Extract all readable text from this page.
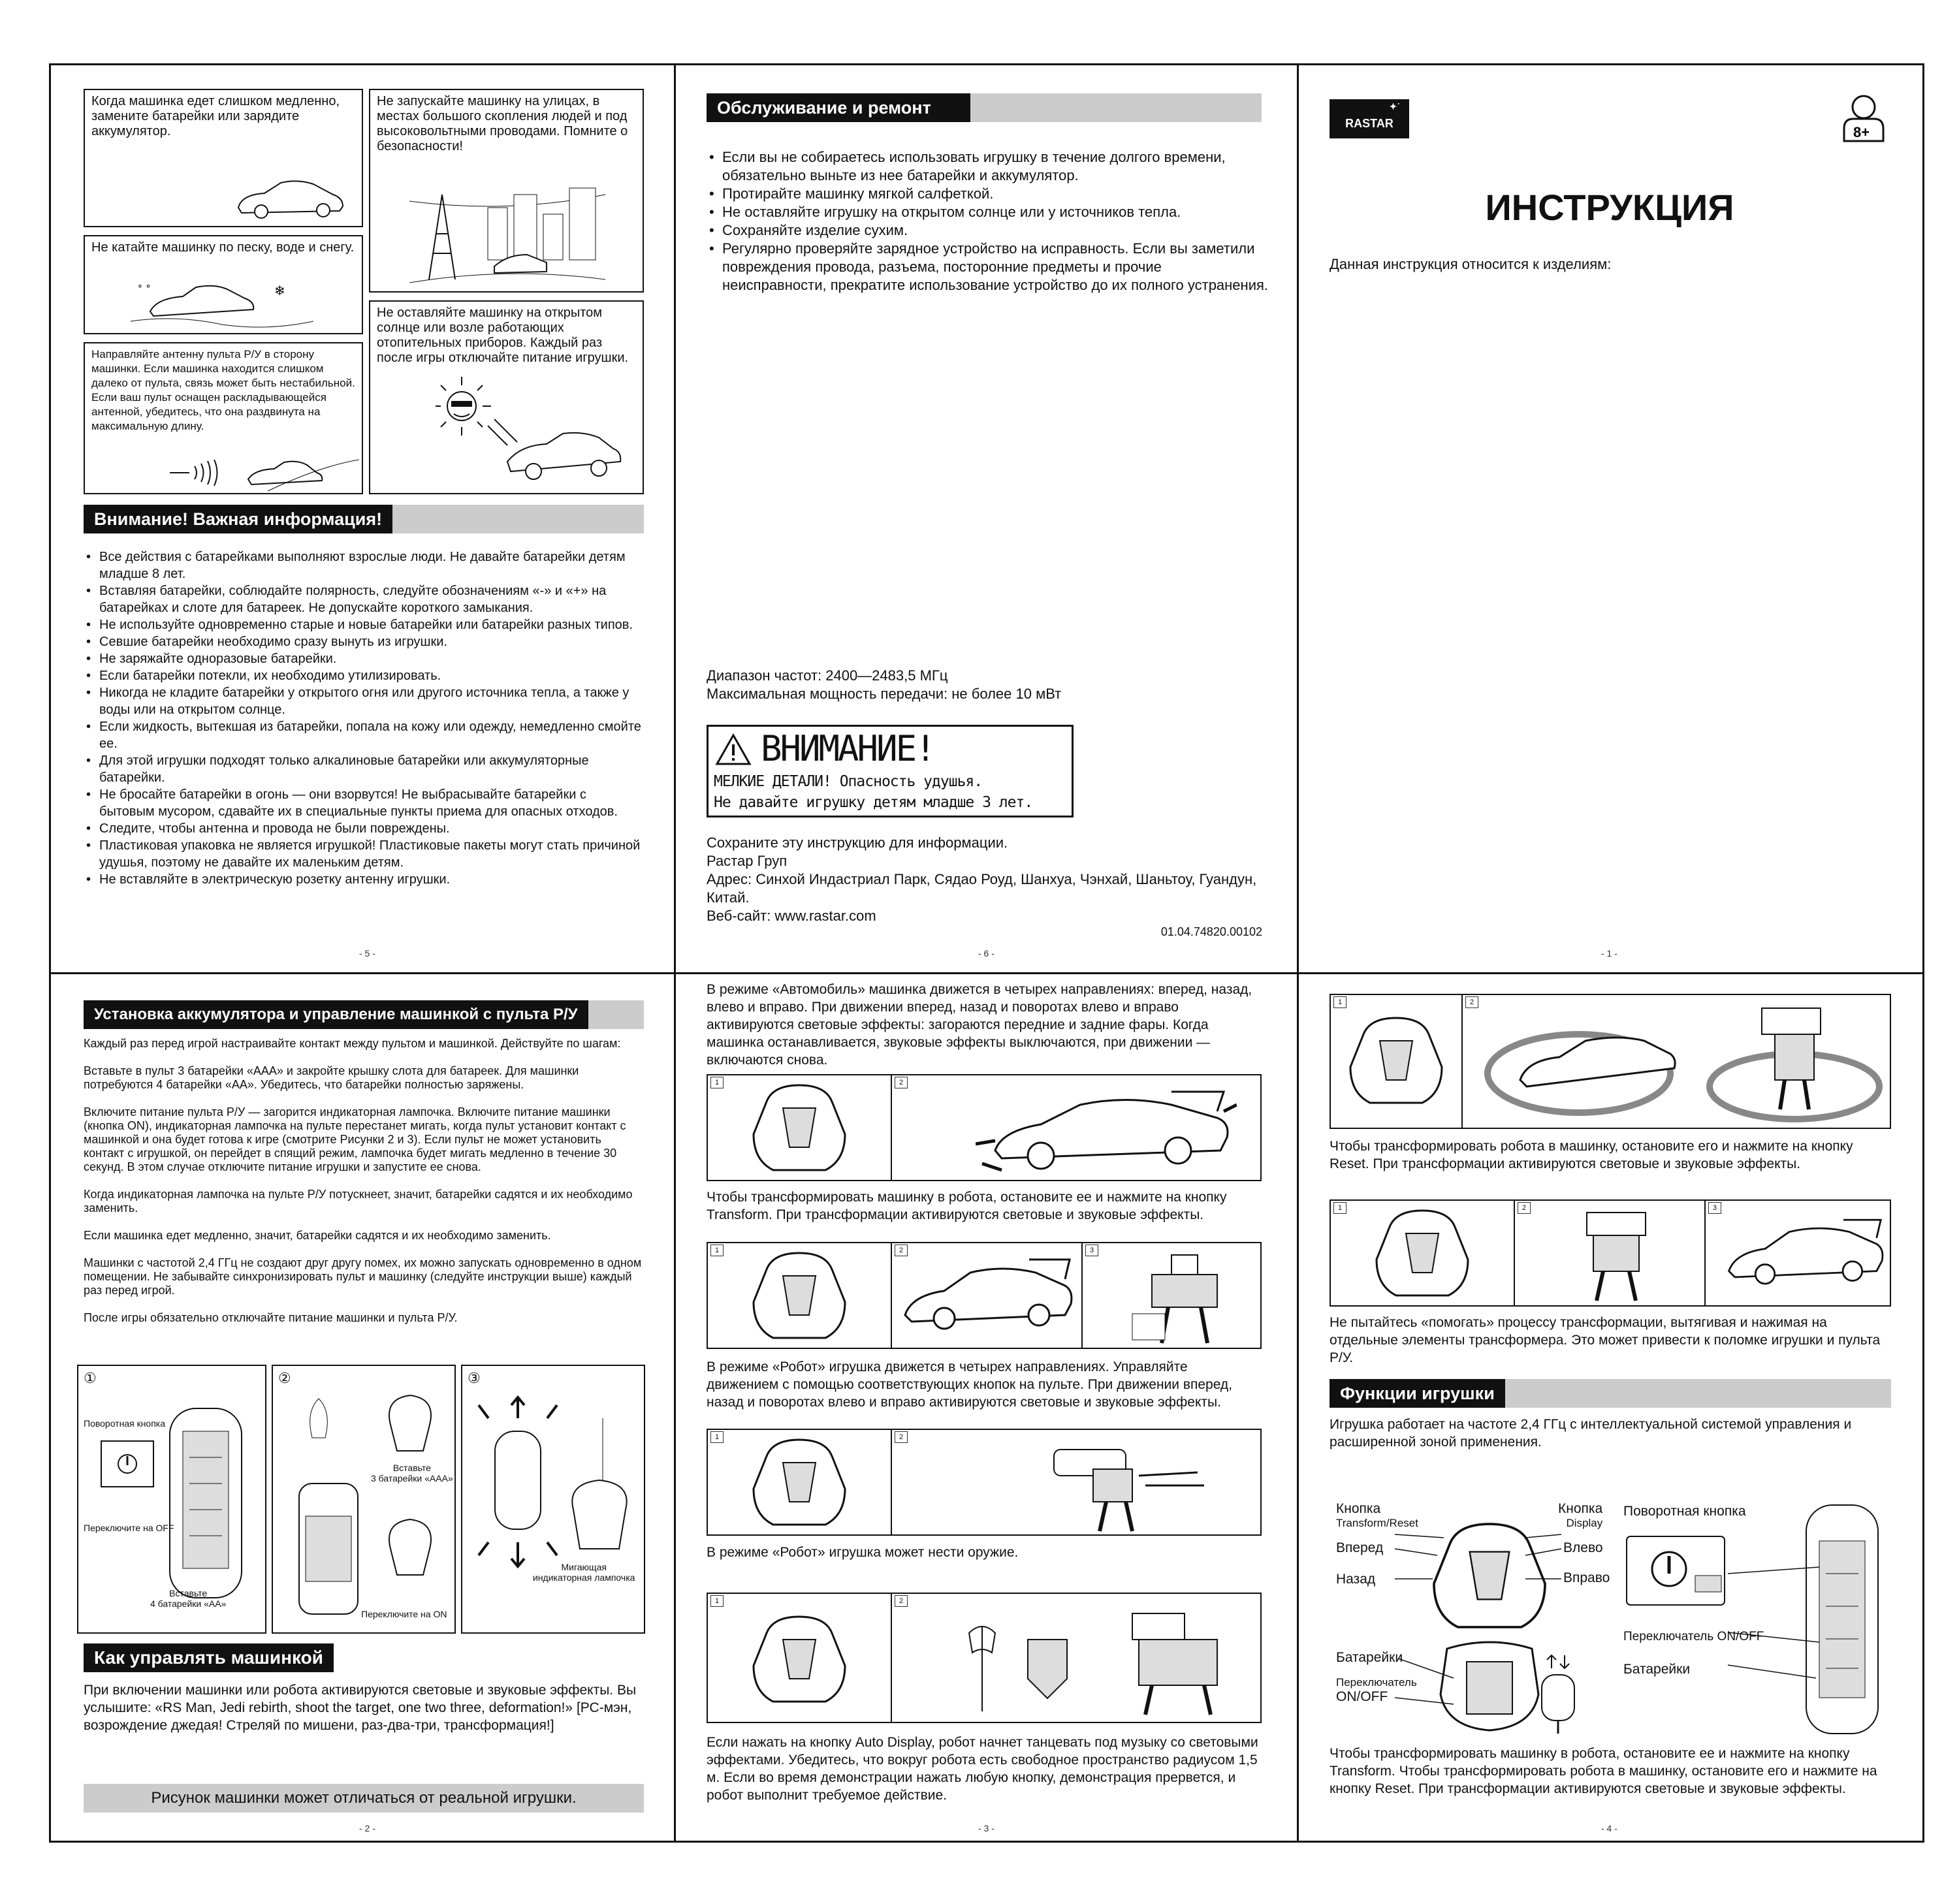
Когда машинка едет слишком медленно, замените батарейки или зарядите аккумулятор.
Не запускайте машинку на улицах, в местах большого скопления людей и под высоковольтными проводами. Помните о безопасности!
Не катайте машинку по песку, воде и снегу.
❄
∘ ∘
Не оставляйте машинку на открытом солнце или возле работающих отопительных приборов. Каждый раз после игры отключайте питание игрушки.
Направляйте антенну пульта Р/У в сторону машинки. Если машинка находится слишком далеко от пульта, связь может быть нестабильной. Если ваш пульт оснащен раскладывающейся антенной, убедитесь, что она раздвинута на максимальную длину.
Внимание! Важная информация!
• Все действия с батарейками выполняют взрослые люди. Не давайте батарейки детям младше 8 лет.
• Вставляя батарейки, соблюдайте полярность, следуйте обозначениям «-» и «+» на батарейках и слоте для батареек. Не допускайте короткого замыкания.
• Не используйте одновременно старые и новые батарейки или батарейки разных типов.
• Севшие батарейки необходимо сразу вынуть из игрушки.
• Не заряжайте одноразовые батарейки.
• Если батарейки потекли, их необходимо утилизировать.
• Никогда не кладите батарейки у открытого огня или другого источника тепла, а также у воды или на открытом солнце.
• Если жидкость, вытекшая из батарейки, попала на кожу или одежду, немедленно смойте ее.
• Для этой игрушки подходят только алкалиновые батарейки или аккумуляторные батарейки.
• Не бросайте батарейки в огонь — они взорвутся! Не выбрасывайте батарейки с бытовым мусором, сдавайте их в специальные пункты приема для опасных отходов.
• Следите, чтобы антенна и провода не были повреждены.
• Пластиковая упаковка не является игрушкой! Пластиковые пакеты могут стать причиной удушья, поэтому не давайте их маленьким детям.
• Не вставляйте в электрическую розетку антенну игрушки.
- 5 -
Обслуживание и ремонт
• Если вы не собираетесь использовать игрушку в течение долгого времени, обязательно выньте из нее батарейки и аккумулятор.
• Протирайте машинку мягкой салфеткой.
• Не оставляйте игрушку на открытом солнце или у источников тепла.
• Сохраняйте изделие сухим.
• Регулярно проверяйте зарядное устройство на исправность. Если вы заметили повреждения провода, разъема, посторонние предметы и прочие неисправности, прекратите использование устройство до их полного устранения.
Диапазон частот: 2400—2483,5 МГц
Максимальная мощность передачи: не более 10 мВт
ВНИМАНИЕ!
МЕЛКИЕ ДЕТАЛИ! Опасность удушья.
Не давайте игрушку детям младше 3 лет.
Сохраните эту инструкцию для информации.
Растар Груп
Адрес: Синхой Индастриал Парк, Сядао Роуд, Шанхуа, Чэнхай, Шаньтоу, Гуандун, Китай.
Веб-сайт: www.rastar.com
01.04.74820.00102
- 6 -
RASTAR
✦˙
8+
ИНСТРУКЦИЯ
Данная инструкция относится к изделиям:
- 1 -
Установка аккумулятора и управление машинкой с пульта Р/У
Каждый раз перед игрой настраивайте контакт между пультом и машинкой. Действуйте по шагам:
Вставьте в пульт 3 батарейки «ААА» и закройте крышку слота для батареек. Для машинки потребуются 4 батарейки «АА». Убедитесь, что батарейки полностью заряжены.
Включите питание пульта Р/У — загорится индикаторная лампочка. Включите питание машинки (кнопка ON), индикаторная лампочка на пульте перестанет мигать, когда пульт установит контакт с машинкой и она будет готова к игре (смотрите Рисунки 2 и 3). Если пульт не может установить контакт с игрушкой, он перейдет в спящий режим, лампочка будет мигать медленно в течение 30 секунд. В этом случае отключите питание игрушки и запустите ее снова.
Когда индикаторная лампочка на пульте Р/У потускнеет, значит, батарейки садятся и их необходимо заменить.
Если машинка едет медленно, значит, батарейки садятся и их необходимо заменить.
Машинки с частотой 2,4 ГГц не создают друг другу помех, их можно запускать одновременно в одном помещении. Не забывайте синхронизировать пульт и машинку (следуйте инструкции выше) каждый раз перед игрой.
После игры обязательно отключайте питание машинки и пульта Р/У.
①
Поворотная кнопка
Переключите на OFF
Вставьте
4 батарейки «АА»
②
Вставьте
3 батарейки «ААА»
Переключите на ON
③
Мигающая
индикаторная лампочка
Как управлять машинкой
При включении машинки или робота активируются световые и звуковые эффекты. Вы услышите: «RS Man, Jedi rebirth, shoot the target, one two three, deformation!» [РС-мэн, возрождение джедая! Стреляй по мишени, раз-два-три, трансформация!]
Рисунок машинки может отличаться от реальной игрушки.
- 2 -
В режиме «Автомобиль» машинка движется в четырех направлениях: вперед, назад, влево и вправо. При движении вперед, назад и поворотах влево и вправо активируются световые эффекты: загораются передние и задние фары. Когда машинка останавливается, звуковые эффекты выключаются, при движении — включаются снова.
1	2
Чтобы трансформировать машинку в робота, остановите ее и нажмите на кнопку Transform. При трансформации активируются световые и звуковые эффекты.
1	2	3
В режиме «Робот» игрушка движется в четырех направлениях. Управляйте движением с помощью соответствующих кнопок на пульте. При движении вперед, назад и поворотах влево и вправо активируются световые и звуковые эффекты.
1	2
В режиме «Робот» игрушка может нести оружие.
1	2
Если нажать на кнопку Auto Display, робот начнет танцевать под музыку со световыми эффектами. Убедитесь, что вокруг робота есть свободное пространство радиусом 1,5 м. Если во время демонстрации нажать любую кнопку, демонстрация прервется, и робот выполнит требуемое действие.
- 3 -
1	2
Чтобы трансформировать робота в машинку, остановите его и нажмите на кнопку Reset. При трансформации активируются световые и звуковые эффекты.
1	2	3
Не пытайтесь «помогать» процессу трансформации, вытягивая и нажимая на отдельные элементы трансформера. Это может привести к поломке игрушки и пульта Р/У.
Функции игрушки
Игрушка работает на частоте 2,4 ГГц с интеллектуальной системой управления и расширенной зоной применения.
Кнопка
Transform/Reset
Кнопка
Display
Вперед
Назад
Влево
Вправо
Батарейки
Переключатель
ON/OFF
Поворотная кнопка
Переключатель ON/OFF
Батарейки
Чтобы трансформировать машинку в робота, остановите ее и нажмите на кнопку Transform. Чтобы трансформировать робота в машинку, остановите его и нажмите на кнопку Reset. При трансформации активируются световые и звуковые эффекты.
- 4 -
